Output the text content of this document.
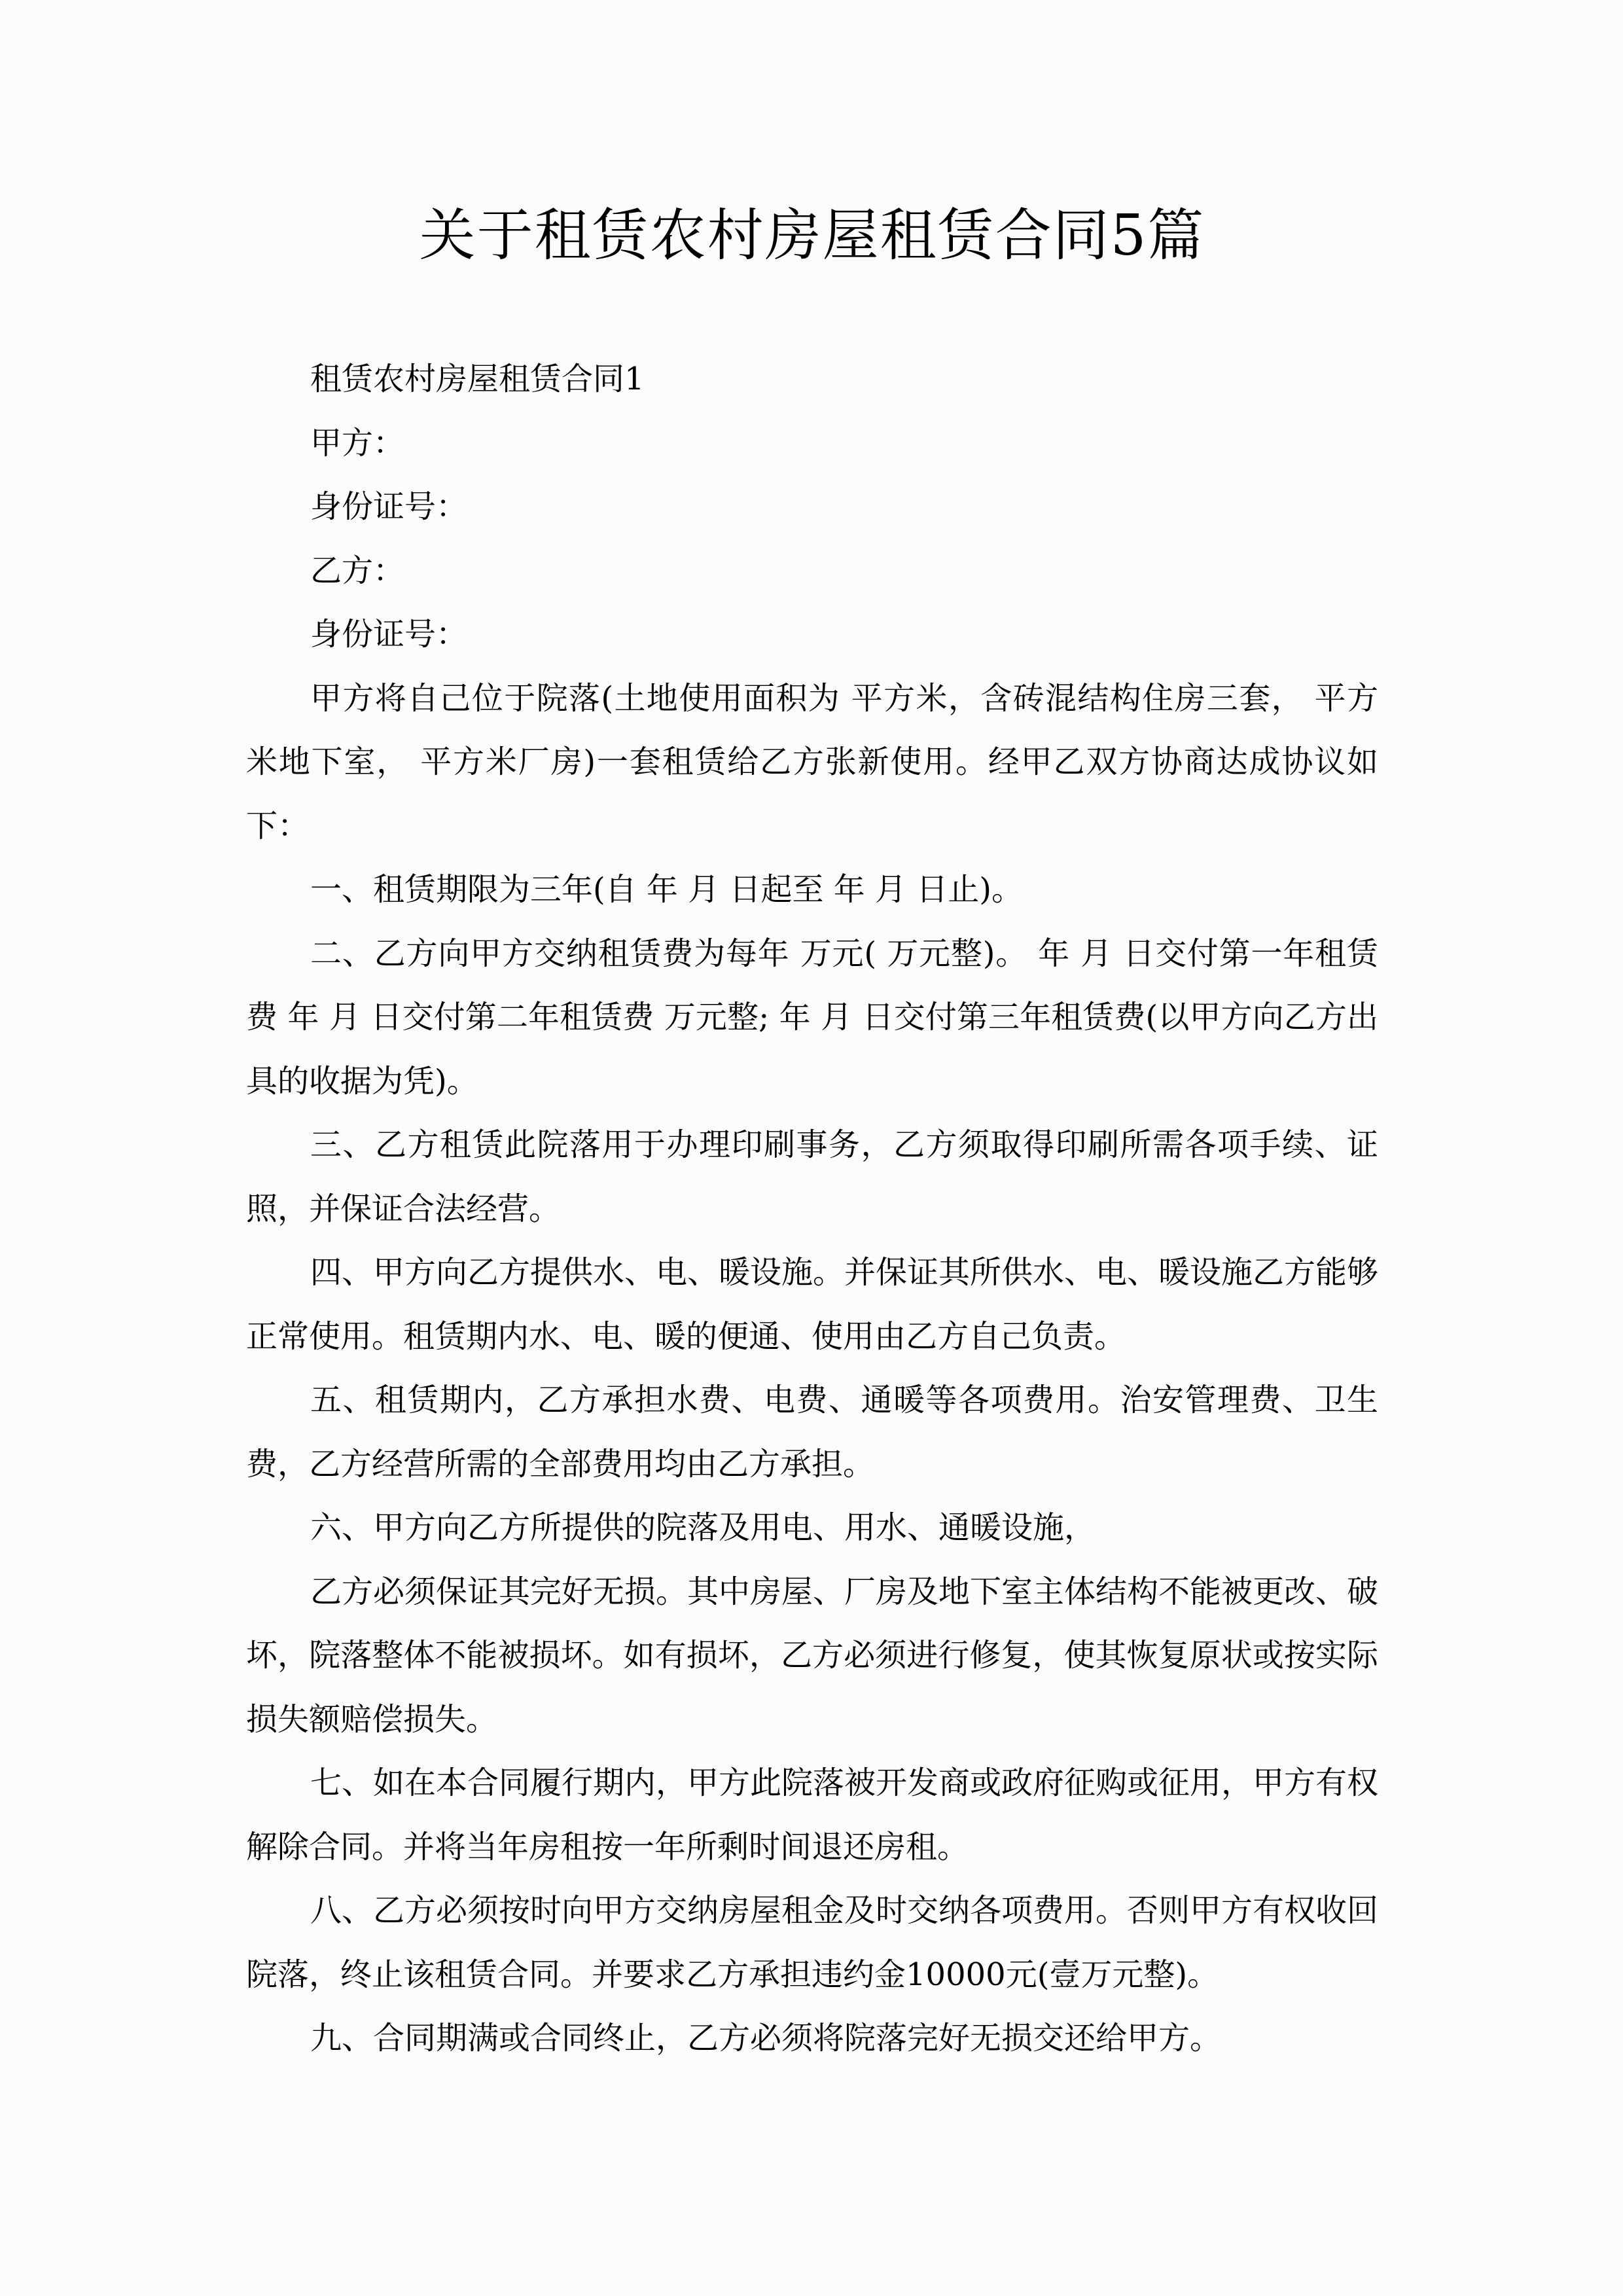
关于租赁农村房屋租赁合同5篇

租赁农村房屋租赁合同1

甲方：

身份证号：

乙方：

身份证号：

甲方将自己位于院落(土地使用面积为 平方米，含砖混结构住房三套， 平方米地下室， 平方米厂房)一套租赁给乙方张新使用。经甲乙双方协商达成协议如下：

一、租赁期限为三年(自 年 月 日起至 年 月 日止)。

二、乙方向甲方交纳租赁费为每年 万元( 万元整)。 年 月 日交付第一年租赁费 年 月 日交付第二年租赁费 万元整; 年 月 日交付第三年租赁费(以甲方向乙方出具的收据为凭)。

三、乙方租赁此院落用于办理印刷事务，乙方须取得印刷所需各项手续、证照，并保证合法经营。

四、甲方向乙方提供水、电、暖设施。并保证其所供水、电、暖设施乙方能够正常使用。租赁期内水、电、暖的便通、使用由乙方自己负责。

五、租赁期内，乙方承担水费、电费、通暖等各项费用。治安管理费、卫生费，乙方经营所需的全部费用均由乙方承担。

六、甲方向乙方所提供的院落及用电、用水、通暖设施，

乙方必须保证其完好无损。其中房屋、厂房及地下室主体结构不能被更改、破坏，院落整体不能被损坏。如有损坏，乙方必须进行修复，使其恢复原状或按实际损失额赔偿损失。

七、如在本合同履行期内，甲方此院落被开发商或政府征购或征用，甲方有权解除合同。并将当年房租按一年所剩时间退还房租。

八、乙方必须按时向甲方交纳房屋租金及时交纳各项费用。否则甲方有权收回院落，终止该租赁合同。并要求乙方承担违约金10000元(壹万元整)。

九、合同期满或合同终止，乙方必须将院落完好无损交还给甲方。
